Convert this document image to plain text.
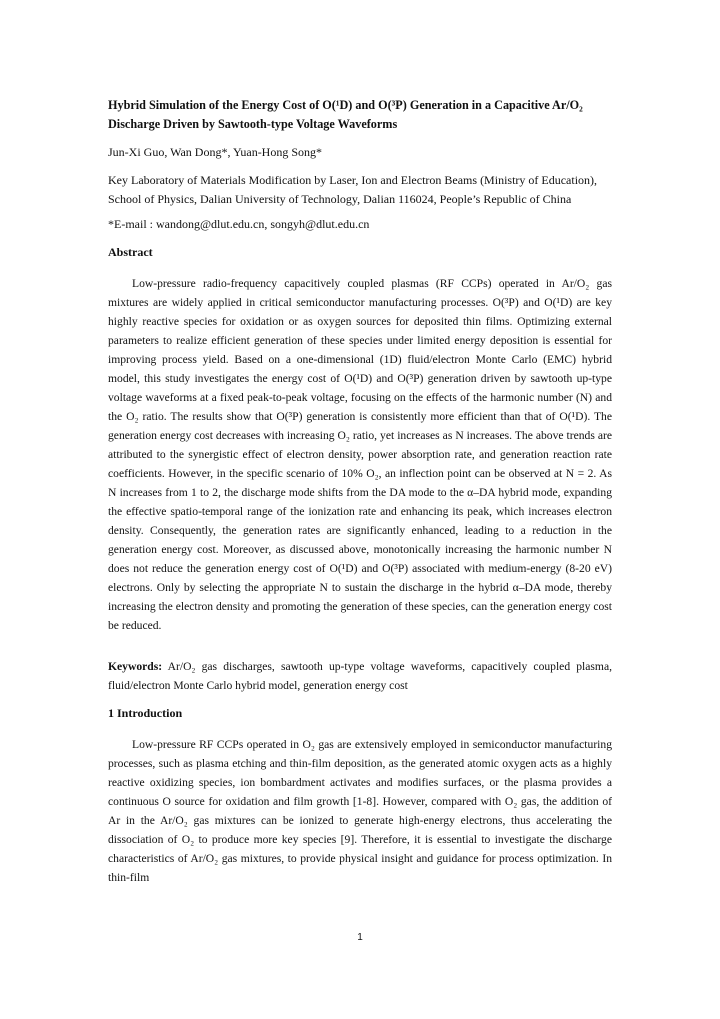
Hybrid Simulation of the Energy Cost of O(¹D) and O(³P) Generation in a Capacitive Ar/O₂ Discharge Driven by Sawtooth-type Voltage Waveforms

Jun-Xi Guo, Wan Dong*, Yuan-Hong Song*

Key Laboratory of Materials Modification by Laser, Ion and Electron Beams (Ministry of Education), School of Physics, Dalian University of Technology, Dalian 116024, People’s Republic of China

*E-mail : wandong@dlut.edu.cn, songyh@dlut.edu.cn

Abstract

Low-pressure radio-frequency capacitively coupled plasmas (RF CCPs) operated in Ar/O₂ gas mixtures are widely applied in critical semiconductor manufacturing processes. O(³P) and O(¹D) are key highly reactive species for oxidation or as oxygen sources for deposited thin films. Optimizing external parameters to realize efficient generation of these species under limited energy deposition is essential for improving process yield. Based on a one-dimensional (1D) fluid/electron Monte Carlo (EMC) hybrid model, this study investigates the energy cost of O(¹D) and O(³P) generation driven by sawtooth up-type voltage waveforms at a fixed peak-to-peak voltage, focusing on the effects of the harmonic number (N) and the O₂ ratio. The results show that O(³P) generation is consistently more efficient than that of O(¹D). The generation energy cost decreases with increasing O₂ ratio, yet increases as N increases. The above trends are attributed to the synergistic effect of electron density, power absorption rate, and generation reaction rate coefficients. However, in the specific scenario of 10% O₂, an inflection point can be observed at N = 2. As N increases from 1 to 2, the discharge mode shifts from the DA mode to the α–DA hybrid mode, expanding the effective spatio-temporal range of the ionization rate and enhancing its peak, which increases electron density. Consequently, the generation rates are significantly enhanced, leading to a reduction in the generation energy cost. Moreover, as discussed above, monotonically increasing the harmonic number N does not reduce the generation energy cost of O(¹D) and O(³P) associated with medium-energy (8-20 eV) electrons. Only by selecting the appropriate N to sustain the discharge in the hybrid α–DA mode, thereby increasing the electron density and promoting the generation of these species, can the generation energy cost be reduced.

Keywords: Ar/O₂ gas discharges, sawtooth up-type voltage waveforms, capacitively coupled plasma, fluid/electron Monte Carlo hybrid model, generation energy cost

1 Introduction

Low-pressure RF CCPs operated in O₂ gas are extensively employed in semiconductor manufacturing processes, such as plasma etching and thin-film deposition, as the generated atomic oxygen acts as a highly reactive oxidizing species, ion bombardment activates and modifies surfaces, or the plasma provides a continuous O source for oxidation and film growth [1-8]. However, compared with O₂ gas, the addition of Ar in the Ar/O₂ gas mixtures can be ionized to generate high-energy electrons, thus accelerating the dissociation of O₂ to produce more key species [9]. Therefore, it is essential to investigate the discharge characteristics of Ar/O₂ gas mixtures, to provide physical insight and guidance for process optimization. In thin-film

1
